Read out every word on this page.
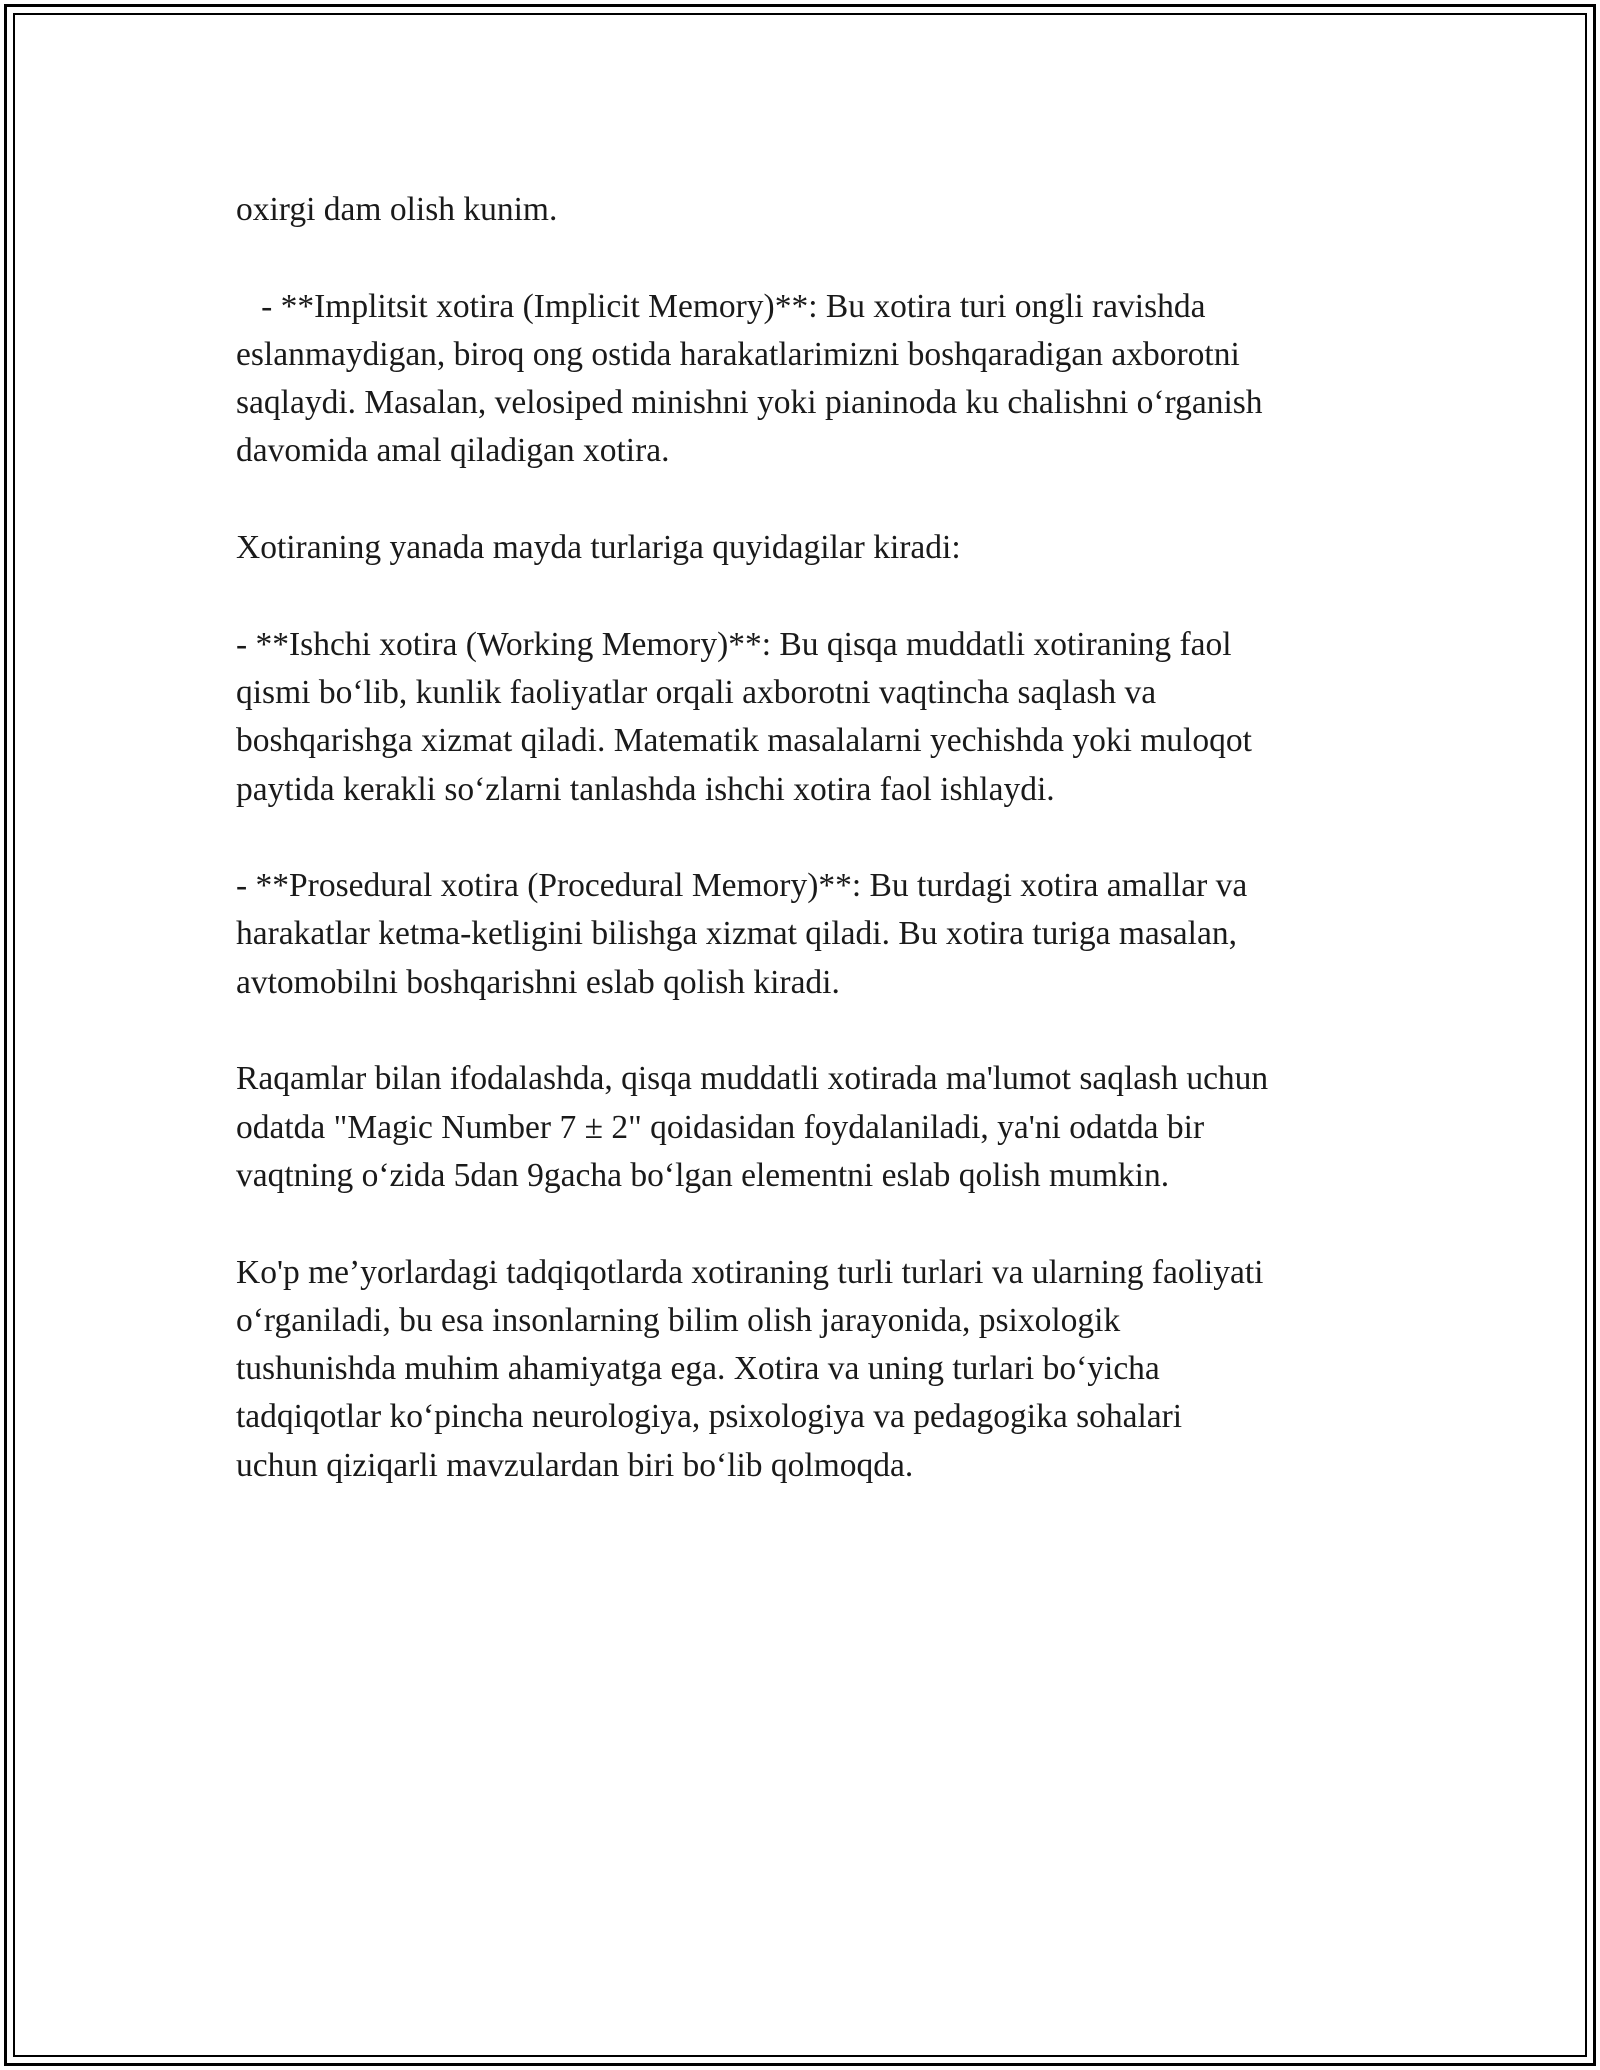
oxirgi dam olish kunim.

- **Implitsit xotira (Implicit Memory)**: Bu xotira turi ongli ravishda
eslanmaydigan, biroq ong ostida harakatlarimizni boshqaradigan axborotni
saqlaydi. Masalan, velosiped minishni yoki pianinoda ku chalishni o‘rganish
davomida amal qiladigan xotira.

Xotiraning yanada mayda turlariga quyidagilar kiradi:

- **Ishchi xotira (Working Memory)**: Bu qisqa muddatli xotiraning faol
qismi bo‘lib, kunlik faoliyatlar orqali axborotni vaqtincha saqlash va
boshqarishga xizmat qiladi. Matematik masalalarni yechishda yoki muloqot
paytida kerakli so‘zlarni tanlashda ishchi xotira faol ishlaydi.

- **Prosedural xotira (Procedural Memory)**: Bu turdagi xotira amallar va
harakatlar ketma-ketligini bilishga xizmat qiladi. Bu xotira turiga masalan,
avtomobilni boshqarishni eslab qolish kiradi.

Raqamlar bilan ifodalashda, qisqa muddatli xotirada ma'lumot saqlash uchun
odatda "Magic Number 7 ± 2" qoidasidan foydalaniladi, ya'ni odatda bir
vaqtning o‘zida 5dan 9gacha bo‘lgan elementni eslab qolish mumkin.

Ko'p me’yorlardagi tadqiqotlarda xotiraning turli turlari va ularning faoliyati
o‘rganiladi, bu esa insonlarning bilim olish jarayonida, psixologik
tushunishda muhim ahamiyatga ega. Xotira va uning turlari bo‘yicha
tadqiqotlar ko‘pincha neurologiya, psixologiya va pedagogika sohalari
uchun qiziqarli mavzulardan biri bo‘lib qolmoqda.
